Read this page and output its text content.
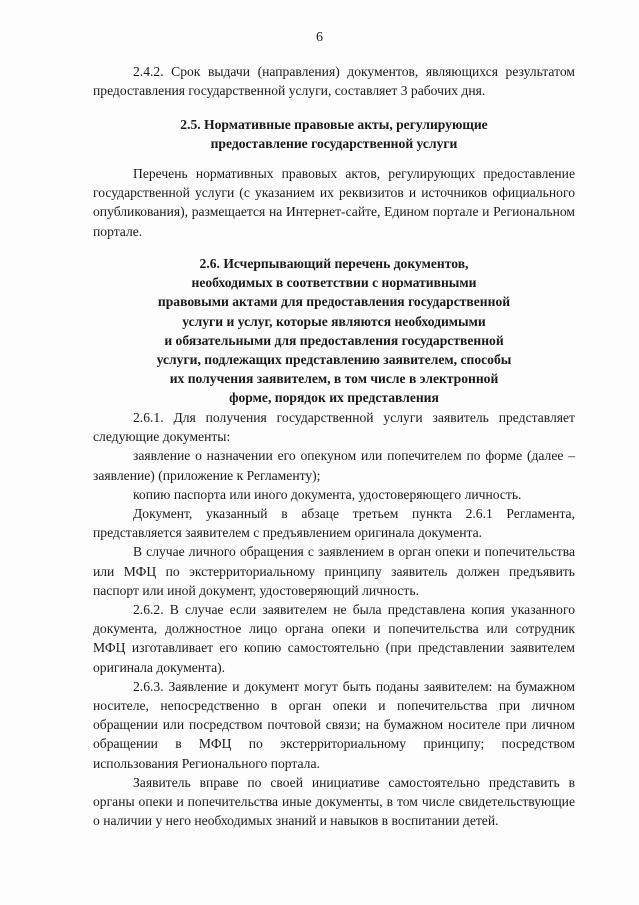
6

2.4.2. Срок выдачи (направления) документов, являющихся результатом предоставления государственной услуги, составляет 3 рабочих дня.

2.5. Нормативные правовые акты, регулирующие
предоставление государственной услуги

Перечень нормативных правовых актов, регулирующих предоставление государственной услуги (с указанием их реквизитов и источников официального опубликования), размещается на Интернет-сайте, Едином портале и Региональном портале.

2.6. Исчерпывающий перечень документов,
необходимых в соответствии с нормативными
правовыми актами для предоставления государственной
услуги и услуг, которые являются необходимыми
и обязательными для предоставления государственной
услуги, подлежащих представлению заявителем, способы
их получения заявителем, в том числе в электронной
форме, порядок их представления

2.6.1. Для получения государственной услуги заявитель представляет следующие документы:

заявление о назначении его опекуном или попечителем по форме (далее – заявление) (приложение к Регламенту);

копию паспорта или иного документа, удостоверяющего личность.

Документ, указанный в абзаце третьем пункта 2.6.1 Регламента, представляется заявителем с предъявлением оригинала документа.

В случае личного обращения с заявлением в орган опеки и попечительства или МФЦ по экстерриториальному принципу заявитель должен предъявить паспорт или иной документ, удостоверяющий личность.

2.6.2. В случае если заявителем не была представлена копия указанного документа, должностное лицо органа опеки и попечительства или сотрудник МФЦ изготавливает его копию самостоятельно (при представлении заявителем оригинала документа).

2.6.3. Заявление и документ могут быть поданы заявителем: на бумажном носителе, непосредственно в орган опеки и попечительства при личном обращении или посредством почтовой связи; на бумажном носителе при личном обращении в МФЦ по экстерриториальному принципу; посредством использования Регионального портала.

Заявитель вправе по своей инициативе самостоятельно представить в органы опеки и попечительства иные документы, в том числе свидетельствующие о наличии у него необходимых знаний и навыков в воспитании детей.
